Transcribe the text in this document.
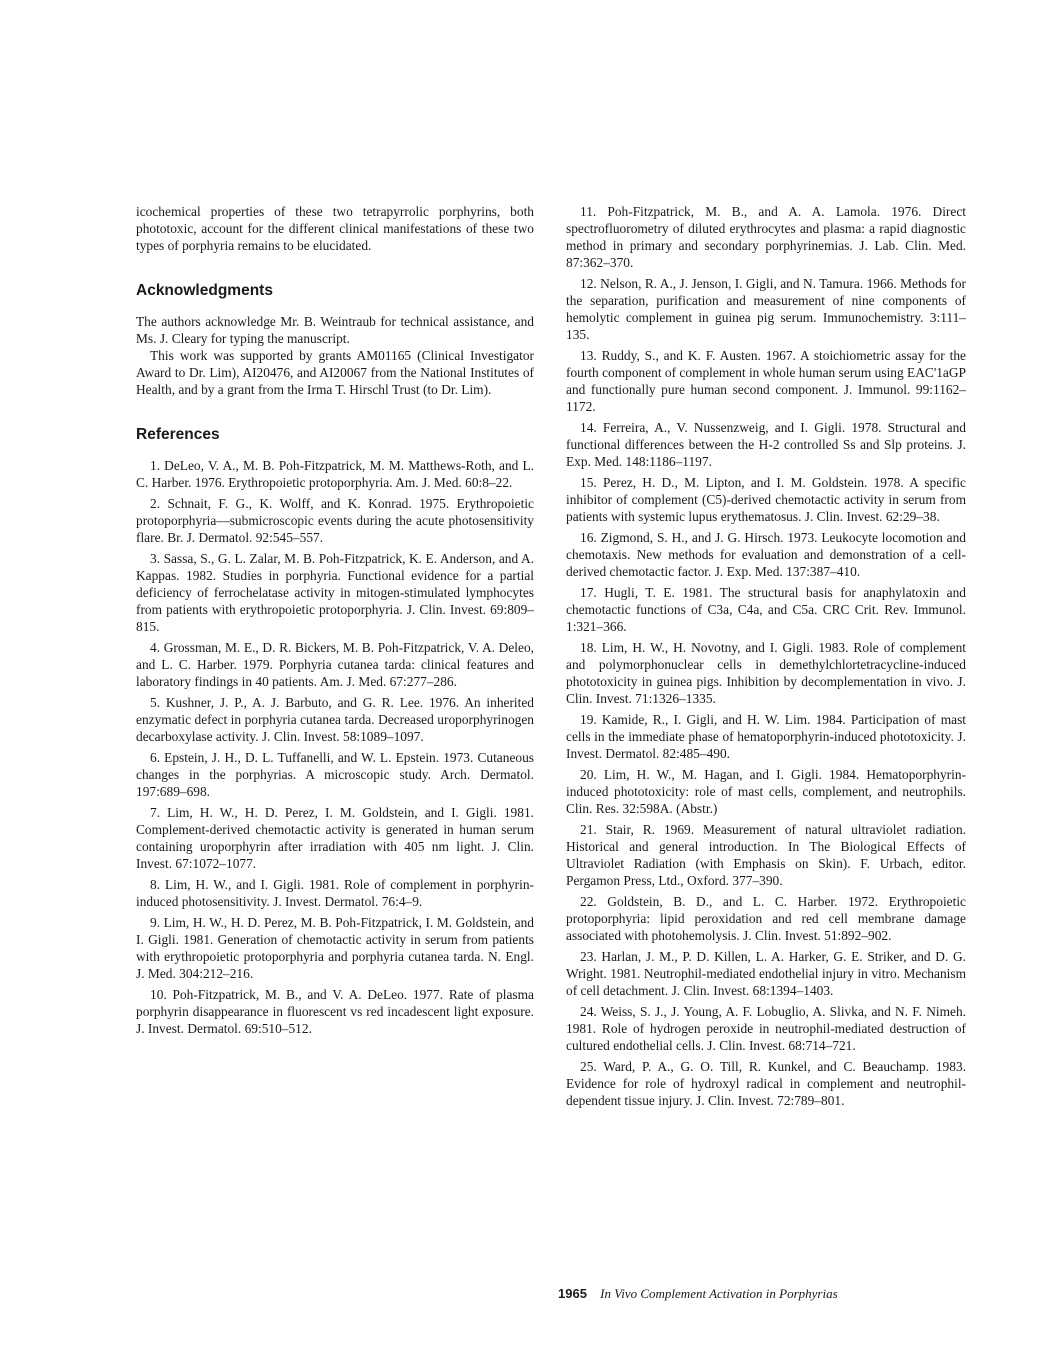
icochemical properties of these two tetrapyrrolic porphyrins, both phototoxic, account for the different clinical manifestations of these two types of porphyria remains to be elucidated.

Acknowledgments

The authors acknowledge Mr. B. Weintraub for technical assistance, and Ms. J. Cleary for typing the manuscript.

This work was supported by grants AM01165 (Clinical Investigator Award to Dr. Lim), AI20476, and AI20067 from the National Institutes of Health, and by a grant from the Irma T. Hirschl Trust (to Dr. Lim).

References

1. DeLeo, V. A., M. B. Poh-Fitzpatrick, M. M. Matthews-Roth, and L. C. Harber. 1976. Erythropoietic protoporphyria. Am. J. Med. 60:8–22.

2. Schnait, F. G., K. Wolff, and K. Konrad. 1975. Erythropoietic protoporphyria—submicroscopic events during the acute photosensitivity flare. Br. J. Dermatol. 92:545–557.

3. Sassa, S., G. L. Zalar, M. B. Poh-Fitzpatrick, K. E. Anderson, and A. Kappas. 1982. Studies in porphyria. Functional evidence for a partial deficiency of ferrochelatase activity in mitogen-stimulated lymphocytes from patients with erythropoietic protoporphyria. J. Clin. Invest. 69:809–815.

4. Grossman, M. E., D. R. Bickers, M. B. Poh-Fitzpatrick, V. A. Deleo, and L. C. Harber. 1979. Porphyria cutanea tarda: clinical features and laboratory findings in 40 patients. Am. J. Med. 67:277–286.

5. Kushner, J. P., A. J. Barbuto, and G. R. Lee. 1976. An inherited enzymatic defect in porphyria cutanea tarda. Decreased uroporphyrinogen decarboxylase activity. J. Clin. Invest. 58:1089–1097.

6. Epstein, J. H., D. L. Tuffanelli, and W. L. Epstein. 1973. Cutaneous changes in the porphyrias. A microscopic study. Arch. Dermatol. 197:689–698.

7. Lim, H. W., H. D. Perez, I. M. Goldstein, and I. Gigli. 1981. Complement-derived chemotactic activity is generated in human serum containing uroporphyrin after irradiation with 405 nm light. J. Clin. Invest. 67:1072–1077.

8. Lim, H. W., and I. Gigli. 1981. Role of complement in porphyrin-induced photosensitivity. J. Invest. Dermatol. 76:4–9.

9. Lim, H. W., H. D. Perez, M. B. Poh-Fitzpatrick, I. M. Goldstein, and I. Gigli. 1981. Generation of chemotactic activity in serum from patients with erythropoietic protoporphyria and porphyria cutanea tarda. N. Engl. J. Med. 304:212–216.

10. Poh-Fitzpatrick, M. B., and V. A. DeLeo. 1977. Rate of plasma porphyrin disappearance in fluorescent vs red incadescent light exposure. J. Invest. Dermatol. 69:510–512.

11. Poh-Fitzpatrick, M. B., and A. A. Lamola. 1976. Direct spectrofluorometry of diluted erythrocytes and plasma: a rapid diagnostic method in primary and secondary porphyrinemias. J. Lab. Clin. Med. 87:362–370.

12. Nelson, R. A., J. Jenson, I. Gigli, and N. Tamura. 1966. Methods for the separation, purification and measurement of nine components of hemolytic complement in guinea pig serum. Immunochemistry. 3:111–135.

13. Ruddy, S., and K. F. Austen. 1967. A stoichiometric assay for the fourth component of complement in whole human serum using EAC'1aGP and functionally pure human second component. J. Immunol. 99:1162–1172.

14. Ferreira, A., V. Nussenzweig, and I. Gigli. 1978. Structural and functional differences between the H-2 controlled Ss and Slp proteins. J. Exp. Med. 148:1186–1197.

15. Perez, H. D., M. Lipton, and I. M. Goldstein. 1978. A specific inhibitor of complement (C5)-derived chemotactic activity in serum from patients with systemic lupus erythematosus. J. Clin. Invest. 62:29–38.

16. Zigmond, S. H., and J. G. Hirsch. 1973. Leukocyte locomotion and chemotaxis. New methods for evaluation and demonstration of a cell-derived chemotactic factor. J. Exp. Med. 137:387–410.

17. Hugli, T. E. 1981. The structural basis for anaphylatoxin and chemotactic functions of C3a, C4a, and C5a. CRC Crit. Rev. Immunol. 1:321–366.

18. Lim, H. W., H. Novotny, and I. Gigli. 1983. Role of complement and polymorphonuclear cells in demethylchlortetracycline-induced phototoxicity in guinea pigs. Inhibition by decomplementation in vivo. J. Clin. Invest. 71:1326–1335.

19. Kamide, R., I. Gigli, and H. W. Lim. 1984. Participation of mast cells in the immediate phase of hematoporphyrin-induced phototoxicity. J. Invest. Dermatol. 82:485–490.

20. Lim, H. W., M. Hagan, and I. Gigli. 1984. Hematoporphyrin-induced phototoxicity: role of mast cells, complement, and neutrophils. Clin. Res. 32:598A. (Abstr.)

21. Stair, R. 1969. Measurement of natural ultraviolet radiation. Historical and general introduction. In The Biological Effects of Ultraviolet Radiation (with Emphasis on Skin). F. Urbach, editor. Pergamon Press, Ltd., Oxford. 377–390.

22. Goldstein, B. D., and L. C. Harber. 1972. Erythropoietic protoporphyria: lipid peroxidation and red cell membrane damage associated with photohemolysis. J. Clin. Invest. 51:892–902.

23. Harlan, J. M., P. D. Killen, L. A. Harker, G. E. Striker, and D. G. Wright. 1981. Neutrophil-mediated endothelial injury in vitro. Mechanism of cell detachment. J. Clin. Invest. 68:1394–1403.

24. Weiss, S. J., J. Young, A. F. Lobuglio, A. Slivka, and N. F. Nimeh. 1981. Role of hydrogen peroxide in neutrophil-mediated destruction of cultured endothelial cells. J. Clin. Invest. 68:714–721.

25. Ward, P. A., G. O. Till, R. Kunkel, and C. Beauchamp. 1983. Evidence for role of hydroxyl radical in complement and neutrophil-dependent tissue injury. J. Clin. Invest. 72:789–801.

1965 In Vivo Complement Activation in Porphyrias
